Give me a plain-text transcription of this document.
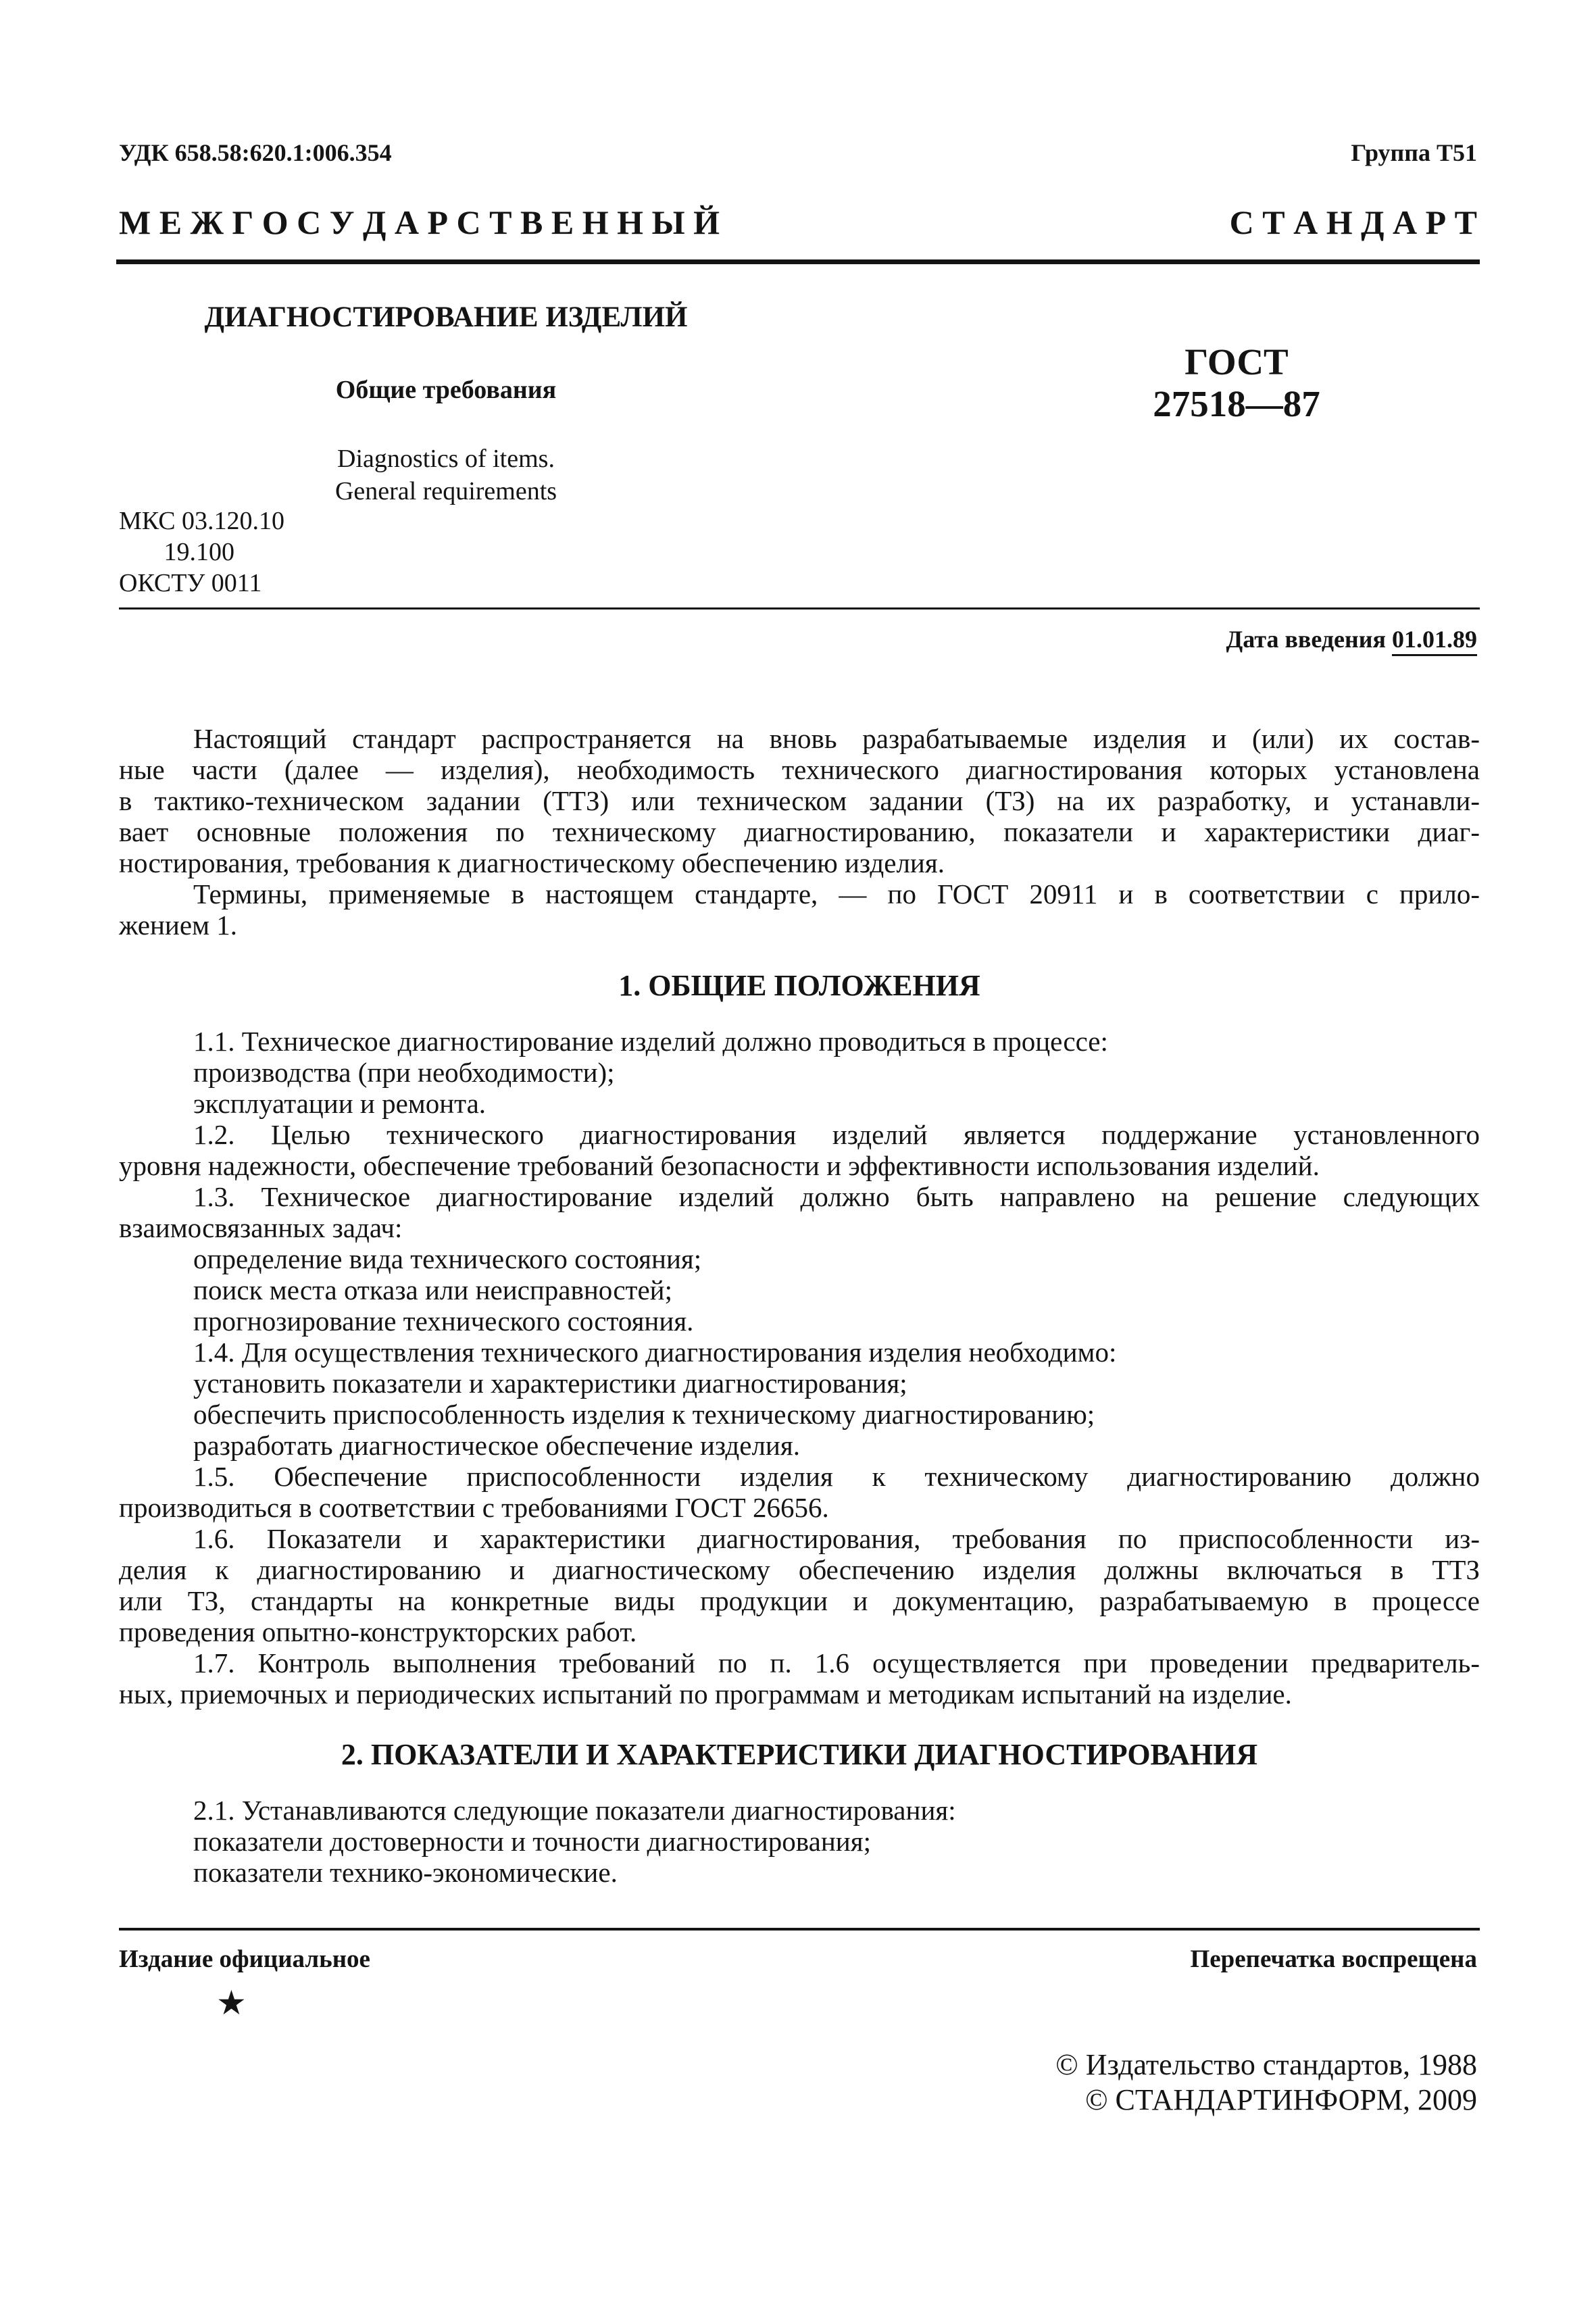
УДК 658.58:620.1:006.354	Группа Т51
М Е Ж Г О С У Д А Р С Т В Е Н Н Ы Й	С Т А Н Д А Р Т
ДИАГНОСТИРОВАНИЕ ИЗДЕЛИЙ
Общие требования
Diagnostics of items.
General requirements
ГОСТ
27518—87
МКС 03.120.10
19.100
ОКСТУ 0011
Дата введения 01.01.89
Настоящий стандарт распространяется на вновь разрабатываемые изделия и (или) их состав-
ные части (далее — изделия), необходимость технического диагностирования которых установлена
в тактико-техническом задании (ТТЗ) или техническом задании (ТЗ) на их разработку, и устанавли-
вает основные положения по техническому диагностированию, показатели и характеристики диаг-
ностирования, требования к диагностическому обеспечению изделия.
Термины, применяемые в настоящем стандарте, — по ГОСТ 20911 и в соответствии с прило-
жением 1.
1. ОБЩИЕ ПОЛОЖЕНИЯ
1.1. Техническое диагностирование изделий должно проводиться в процессе:
производства (при необходимости);
эксплуатации и ремонта.
1.2. Целью технического диагностирования изделий является поддержание установленного
уровня надежности, обеспечение требований безопасности и эффективности использования изделий.
1.3. Техническое диагностирование изделий должно быть направлено на решение следующих
взаимосвязанных задач:
определение вида технического состояния;
поиск места отказа или неисправностей;
прогнозирование технического состояния.
1.4. Для осуществления технического диагностирования изделия необходимо:
установить показатели и характеристики диагностирования;
обеспечить приспособленность изделия к техническому диагностированию;
разработать диагностическое обеспечение изделия.
1.5. Обеспечение приспособленности изделия к техническому диагностированию должно
производиться в соответствии с требованиями ГОСТ 26656.
1.6. Показатели и характеристики диагностирования, требования по приспособленности из-
делия к диагностированию и диагностическому обеспечению изделия должны включаться в ТТЗ
или ТЗ, стандарты на конкретные виды продукции и документацию, разрабатываемую в процессе
проведения опытно-конструкторских работ.
1.7. Контроль выполнения требований по п. 1.6 осуществляется при проведении предваритель-
ных, приемочных и периодических испытаний по программам и методикам испытаний на изделие.
2. ПОКАЗАТЕЛИ И ХАРАКТЕРИСТИКИ ДИАГНОСТИРОВАНИЯ
2.1. Устанавливаются следующие показатели диагностирования:
показатели достоверности и точности диагностирования;
показатели технико-экономические.
Издание официальное	Перепечатка воспрещена
★
© Издательство стандартов, 1988
© СТАНДАРТИНФОРМ, 2009
